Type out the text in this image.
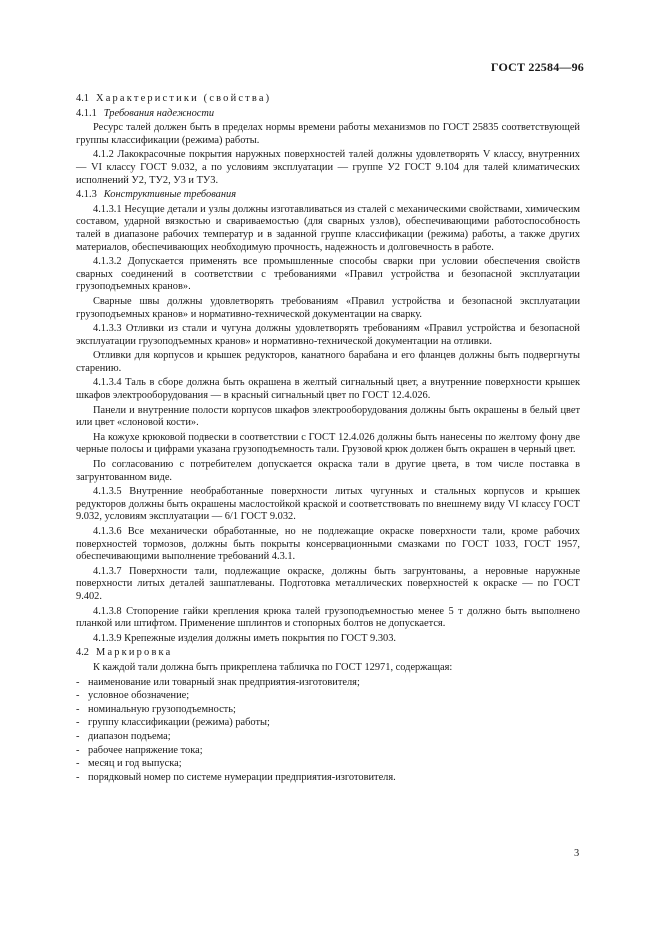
ГОСТ 22584—96
4.1 Характеристики (свойства)
4.1.1 Требования надежности
Ресурс талей должен быть в пределах нормы времени работы механизмов по ГОСТ 25835 соответствующей группы классификации (режима) работы.
4.1.2 Лакокрасочные покрытия наружных поверхностей талей должны удовлетворять V классу, внутренних — VI классу ГОСТ 9.032, а по условиям эксплуатации — группе У2 ГОСТ 9.104 для талей климатических исполнений У2, ТУ2, У3 и ТУ3.
4.1.3 Конструктивные требования
4.1.3.1 Несущие детали и узлы должны изготавливаться из сталей с механическими свойствами, химическим составом, ударной вязкостью и свариваемостью (для сварных узлов), обеспечивающими работоспособность талей в диапазоне рабочих температур и в заданной группе классификации (режима) работы, а также других материалов, обеспечивающих необходимую прочность, надежность и долговечность в работе.
4.1.3.2 Допускается применять все промышленные способы сварки при условии обеспечения свойств сварных соединений в соответствии с требованиями «Правил устройства и безопасной эксплуатации грузоподъемных кранов».
Сварные швы должны удовлетворять требованиям «Правил устройства и безопасной эксплуатации грузоподъемных кранов» и нормативно-технической документации на сварку.
4.1.3.3 Отливки из стали и чугуна должны удовлетворять требованиям «Правил устройства и безопасной эксплуатации грузоподъемных кранов» и нормативно-технической документации на отливки.
Отливки для корпусов и крышек редукторов, канатного барабана и его фланцев должны быть подвергнуты старению.
4.1.3.4 Таль в сборе должна быть окрашена в желтый сигнальный цвет, а внутренние поверхности крышек шкафов электрооборудования — в красный сигнальный цвет по ГОСТ 12.4.026.
Панели и внутренние полости корпусов шкафов электрооборудования должны быть окрашены в белый цвет или цвет «слоновой кости».
На кожухе крюковой подвески в соответствии с ГОСТ 12.4.026 должны быть нанесены по желтому фону две черные полосы и цифрами указана грузоподъемность тали. Грузовой крюк должен быть окрашен в черный цвет.
По согласованию с потребителем допускается окраска тали в другие цвета, в том числе поставка в загрунтованном виде.
4.1.3.5 Внутренние необработанные поверхности литых чугунных и стальных корпусов и крышек редукторов должны быть окрашены маслостойкой краской и соответствовать по внешнему виду VI классу ГОСТ 9.032, условиям эксплуатации — 6/1 ГОСТ 9.032.
4.1.3.6 Все механически обработанные, но не подлежащие окраске поверхности тали, кроме рабочих поверхностей тормозов, должны быть покрыты консервационными смазками по ГОСТ 1033, ГОСТ 1957, обеспечивающими выполнение требований 4.3.1.
4.1.3.7 Поверхности тали, подлежащие окраске, должны быть загрунтованы, а неровные наружные поверхности литых деталей зашпатлеваны. Подготовка металлических поверхностей к окраске — по ГОСТ 9.402.
4.1.3.8 Стопорение гайки крепления крюка талей грузоподъемностью менее 5 т должно быть выполнено планкой или штифтом. Применение шплинтов и стопорных болтов не допускается.
4.1.3.9 Крепежные изделия должны иметь покрытия по ГОСТ 9.303.
4.2 Маркировка
К каждой тали должна быть прикреплена табличка по ГОСТ 12971, содержащая:
- наименование или товарный знак предприятия-изготовителя;
- условное обозначение;
- номинальную грузоподъемность;
- группу классификации (режима) работы;
- диапазон подъема;
- рабочее напряжение тока;
- месяц и год выпуска;
- порядковый номер по системе нумерации предприятия-изготовителя.
3
